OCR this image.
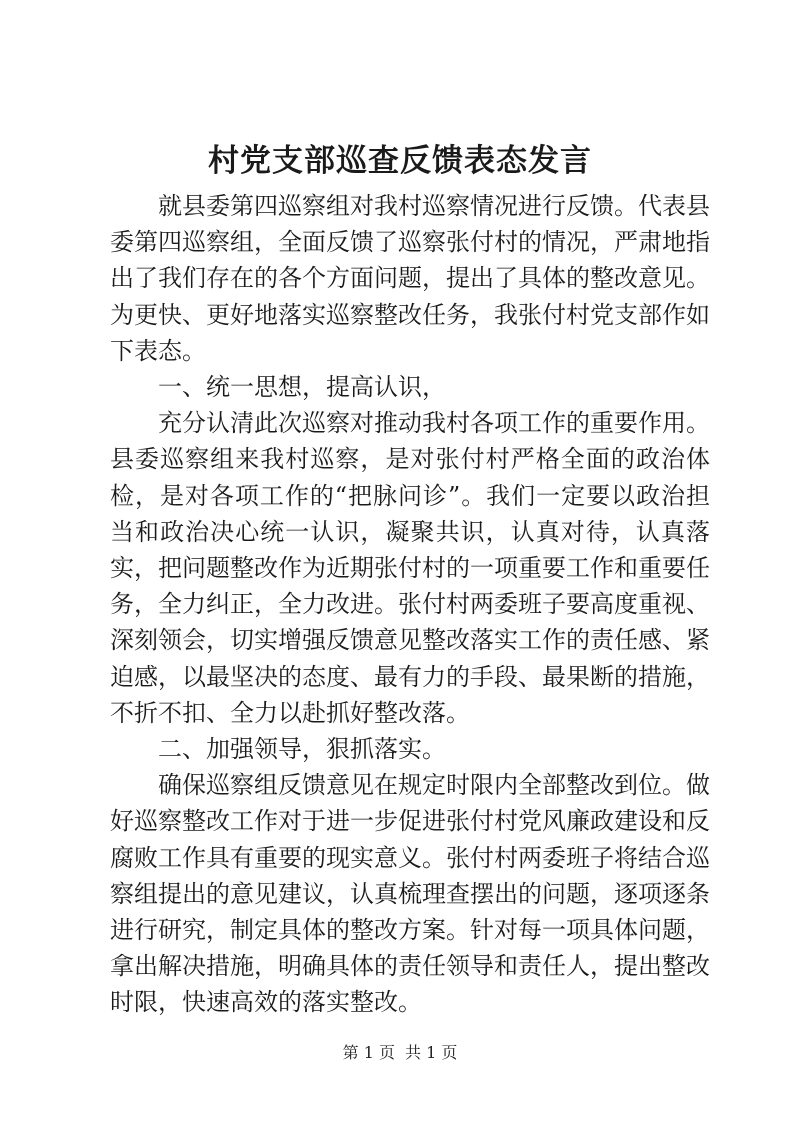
村党支部巡查反馈表态发言

就县委第四巡察组对我村巡察情况进行反馈。代表县委第四巡察组，全面反馈了巡察张付村的情况，严肃地指出了我们存在的各个方面问题，提出了具体的整改意见。为更快、更好地落实巡察整改任务，我张付村党支部作如下表态。

一、统一思想，提高认识，

充分认清此次巡察对推动我村各项工作的重要作用。县委巡察组来我村巡察，是对张付村严格全面的政治体检，是对各项工作的“把脉问诊”。我们一定要以政治担当和政治决心统一认识，凝聚共识，认真对待，认真落实，把问题整改作为近期张付村的一项重要工作和重要任务，全力纠正，全力改进。张付村两委班子要高度重视、深刻领会，切实增强反馈意见整改落实工作的责任感、紧迫感，以最坚决的态度、最有力的手段、最果断的措施，不折不扣、全力以赴抓好整改落。

二、加强领导，狠抓落实。

确保巡察组反馈意见在规定时限内全部整改到位。做好巡察整改工作对于进一步促进张付村党风廉政建设和反腐败工作具有重要的现实意义。张付村两委班子将结合巡察组提出的意见建议，认真梳理查摆出的问题，逐项逐条进行研究，制定具体的整改方案。针对每一项具体问题，拿出解决措施，明确具体的责任领导和责任人，提出整改时限，快速高效的落实整改。

第 1 页 共 1 页
